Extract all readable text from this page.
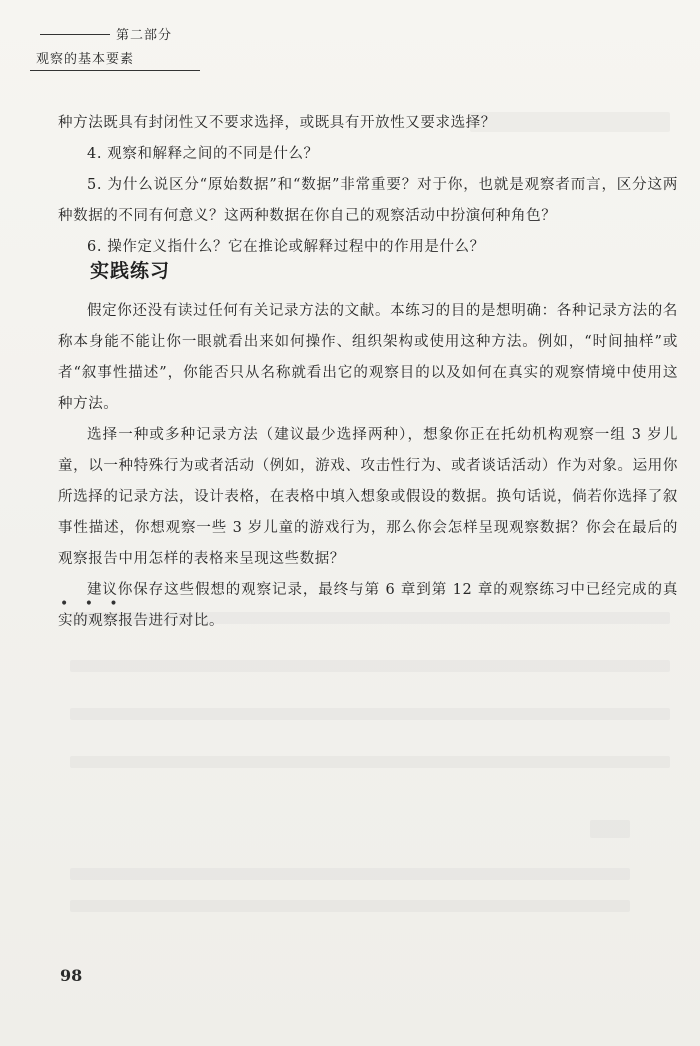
第二部分
观察的基本要素

种方法既具有封闭性又不要求选择，或既具有开放性又要求选择？

4. 观察和解释之间的不同是什么？

5. 为什么说区分“原始数据”和“数据”非常重要？对于你，也就是观察者而言，区分这两种数据的不同有何意义？这两种数据在你自己的观察活动中扮演何种角色？

6. 操作定义指什么？它在推论或解释过程中的作用是什么？

实践练习

假定你还没有读过任何有关记录方法的文献。本练习的目的是想明确：各种记录方法的名称本身能不能让你一眼就看出来如何操作、组织架构或使用这种方法。例如，“时间抽样”或者“叙事性描述”，你能否只从名称就看出它的观察目的以及如何在真实的观察情境中使用这种方法。

选择一种或多种记录方法（建议最少选择两种），想象你正在托幼机构观察一组 3 岁儿童，以一种特殊行为或者活动（例如，游戏、攻击性行为、或者谈话活动）作为对象。运用你所选择的记录方法，设计表格，在表格中填入想象或假设的数据。换句话说，倘若你选择了叙事性描述，你想观察一些 3 岁儿童的游戏行为，那么你会怎样呈现观察数据？你会在最后的观察报告中用怎样的表格来呈现这些数据？

建议你保存这些假想的观察记录，最终与第 6 章到第 12 章的观察练习中已经完成的真实的观察报告进行对比。

• • •
98
